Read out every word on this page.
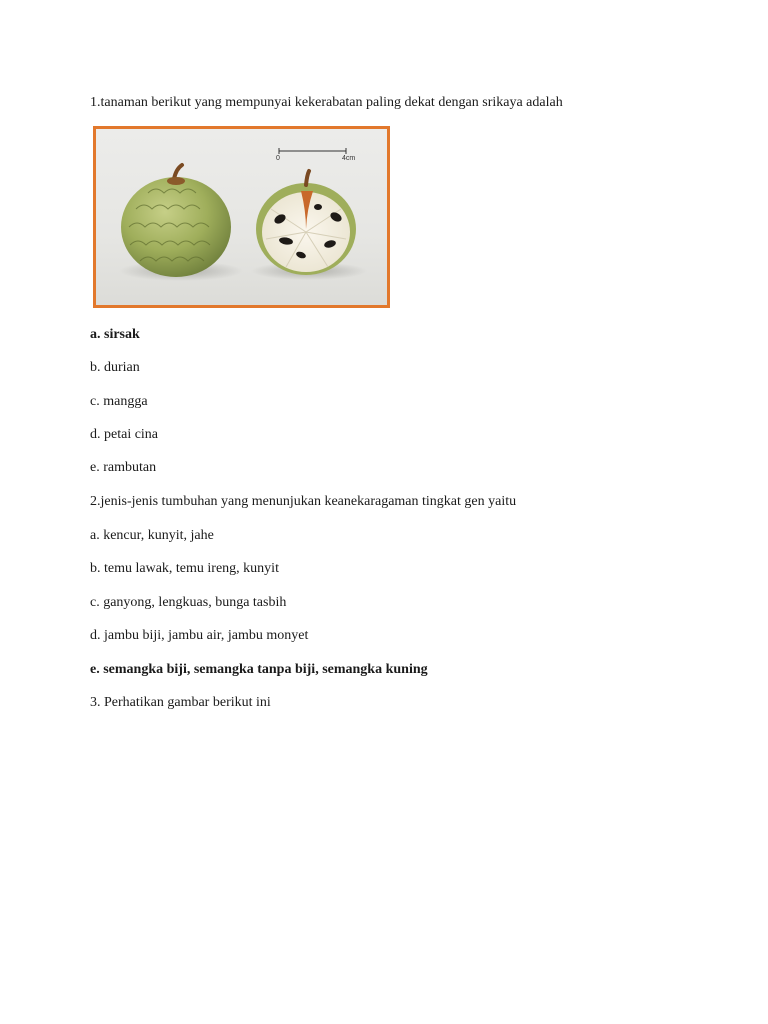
1.tanaman berikut yang mempunyai kekerabatan paling dekat dengan srikaya adalah
0	4cm
a. sirsak
b. durian
c. mangga
d. petai cina
e. rambutan
2.jenis-jenis tumbuhan yang menunjukan keanekaragaman tingkat gen yaitu
a. kencur, kunyit, jahe
b. temu lawak, temu ireng, kunyit
c. ganyong, lengkuas, bunga tasbih
d. jambu biji, jambu air, jambu monyet
e. semangka biji, semangka tanpa biji, semangka kuning
3. Perhatikan gambar berikut ini
